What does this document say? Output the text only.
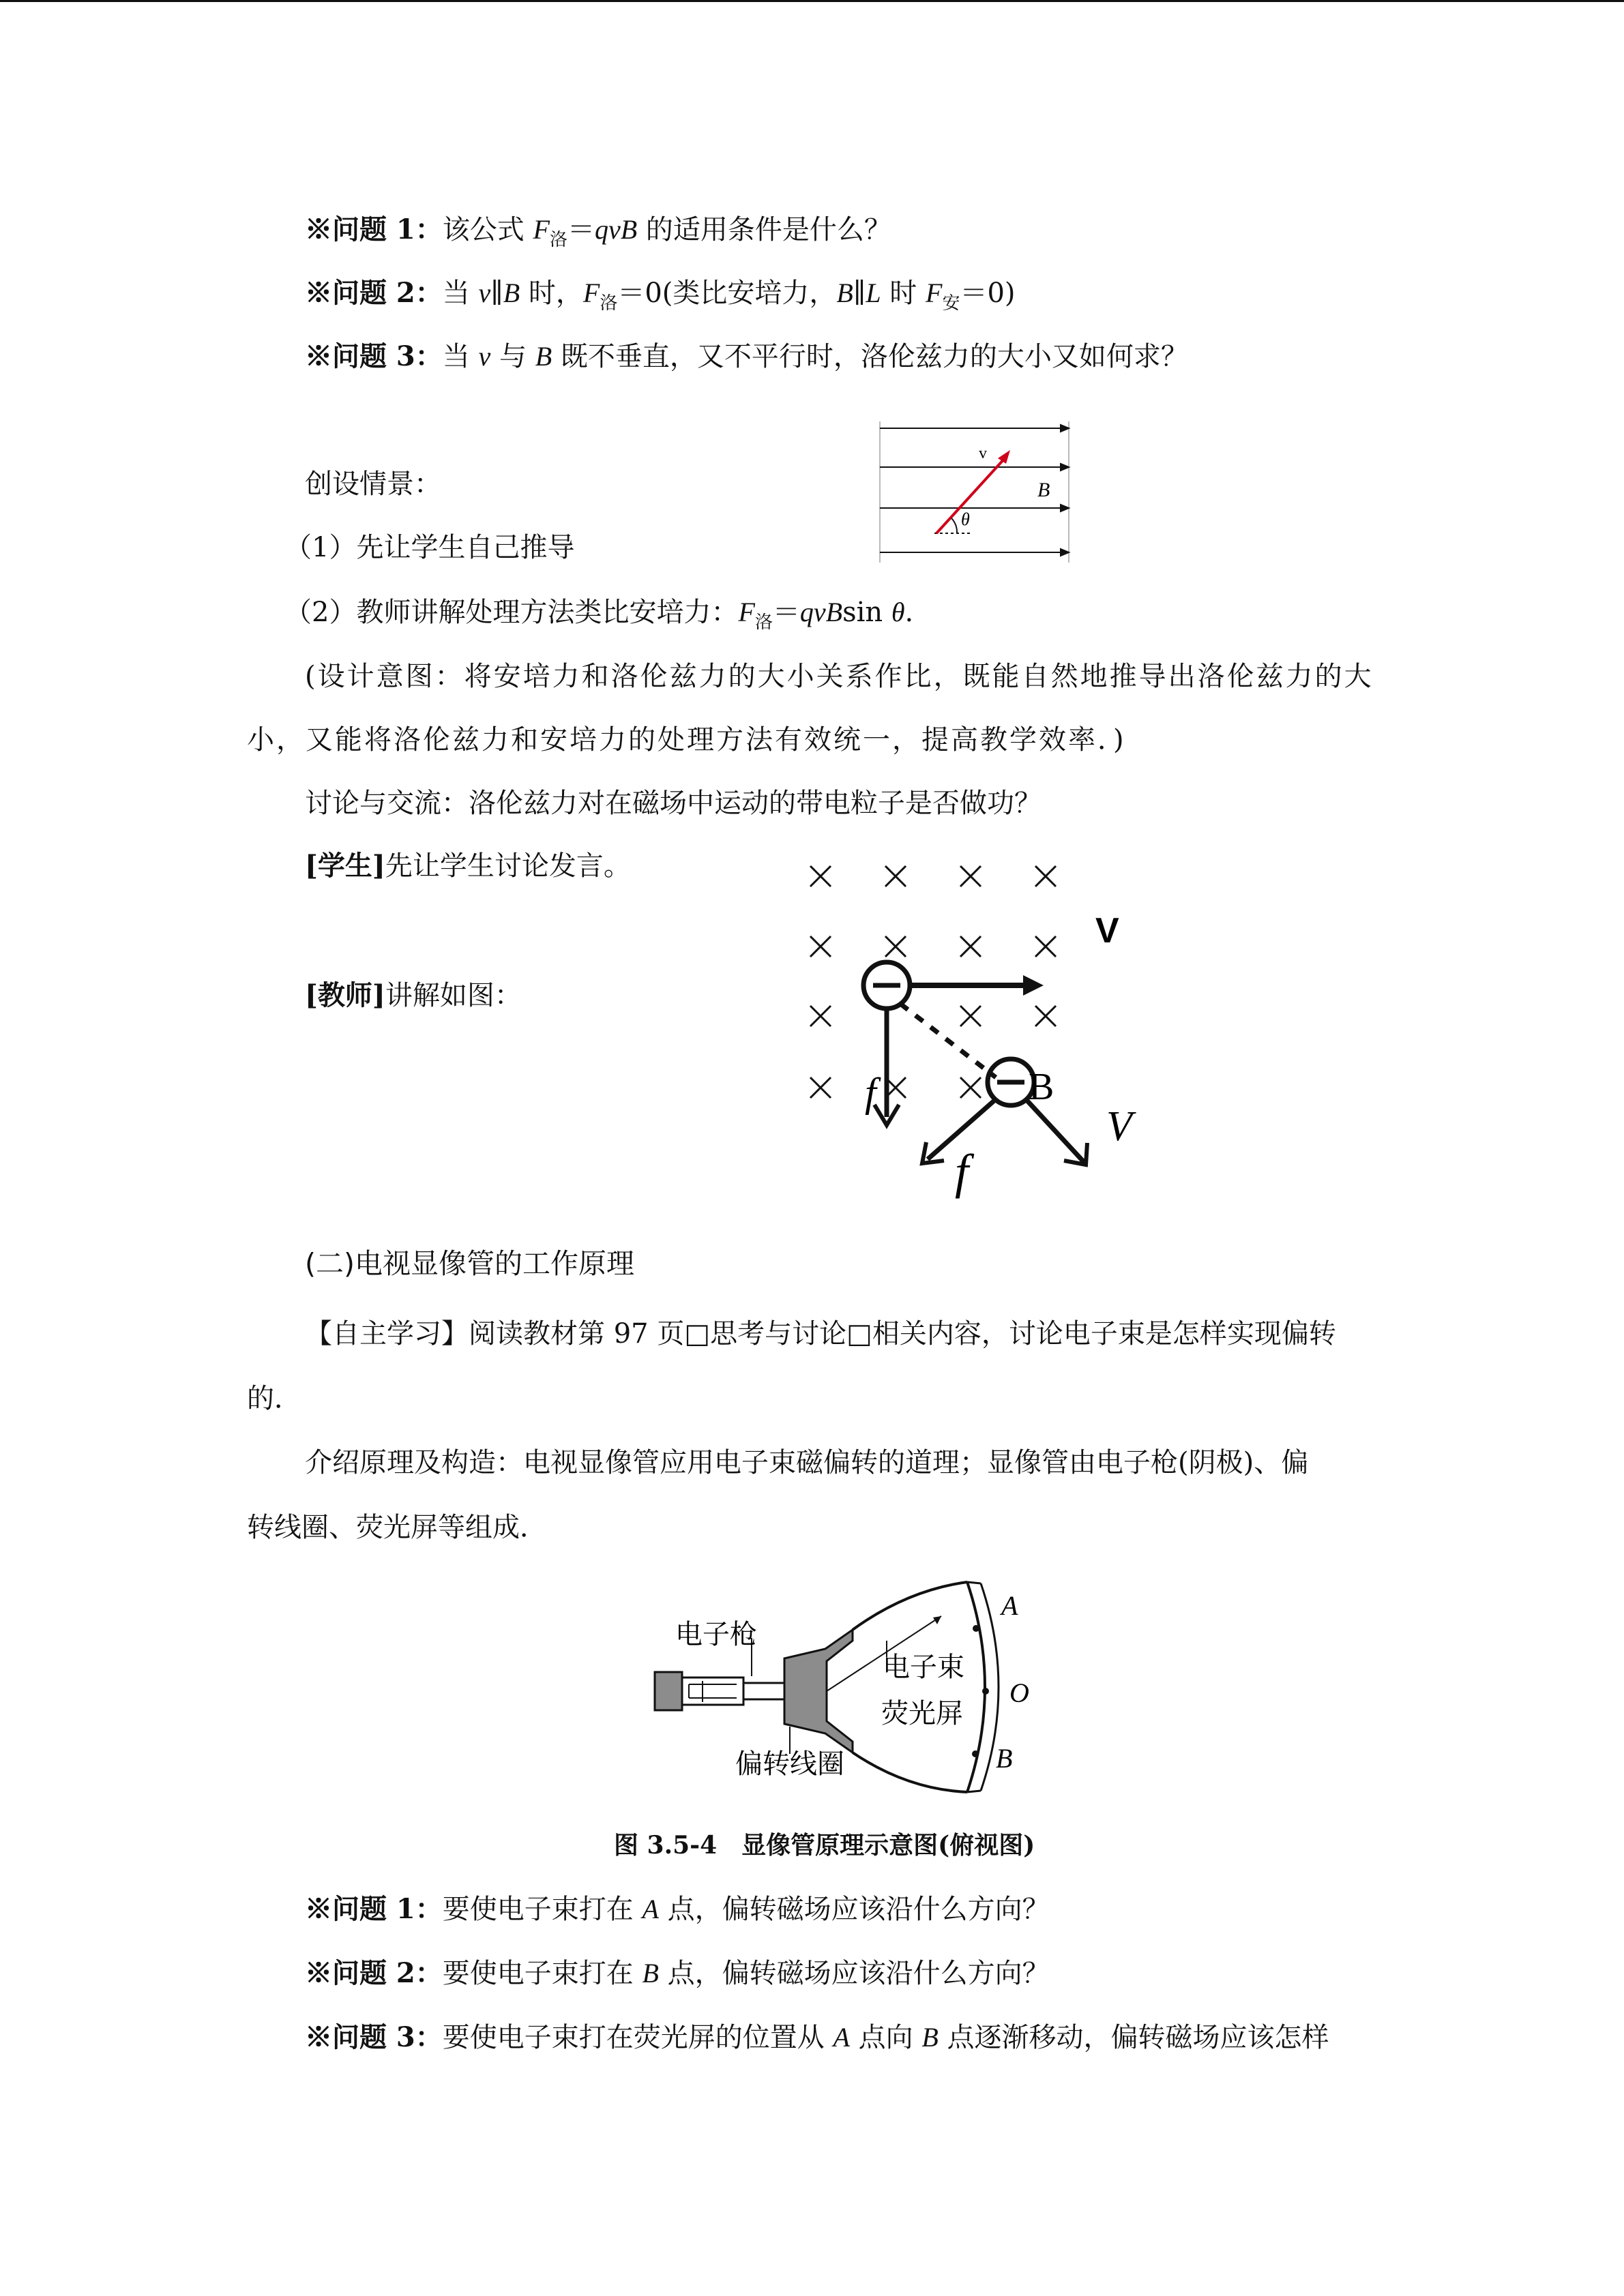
※问题 1：该公式 $F_洛=qvB$ 的适用条件是什么？
※问题 2：当 v∥B 时，$F_洛=0$(类比安培力，B∥L 时 $F_安=0$)
※问题 3：当 v 与 B 既不垂直，又不平行时，洛伦兹力的大小又如何求？
创设情景：
（1）先让学生自己推导
（2）教师讲解处理方法类比安培力：$F_洛=qvBsin$ θ.
v
B
θ
(设计意图：将安培力和洛伦兹力的大小关系作比，既能自然地推导出洛伦兹力的大
小，又能将洛伦兹力和安培力的处理方法有效统一，提高教学效率．)
讨论与交流：洛伦兹力对在磁场中运动的带电粒子是否做功？
[学生]先让学生讨论发言。
[教师]讲解如图：
V
f	B
f
V
(二)电视显像管的工作原理
【自主学习】阅读教材第 97 页□思考与讨论□相关内容，讨论电子束是怎样实现偏转
的．
介绍原理及构造：电视显像管应用电子束磁偏转的道理；显像管由电子枪(阴极)、偏
转线圈、荧光屏等组成．
电子枪
电子束
荧光屏
偏转线圈
A
O
B
图 3.5-4　显像管原理示意图(俯视图)
※问题 1：要使电子束打在 A 点，偏转磁场应该沿什么方向？
※问题 2：要使电子束打在 B 点，偏转磁场应该沿什么方向？
※问题 3：要使电子束打在荧光屏的位置从 A 点向 B 点逐渐移动，偏转磁场应该怎样
